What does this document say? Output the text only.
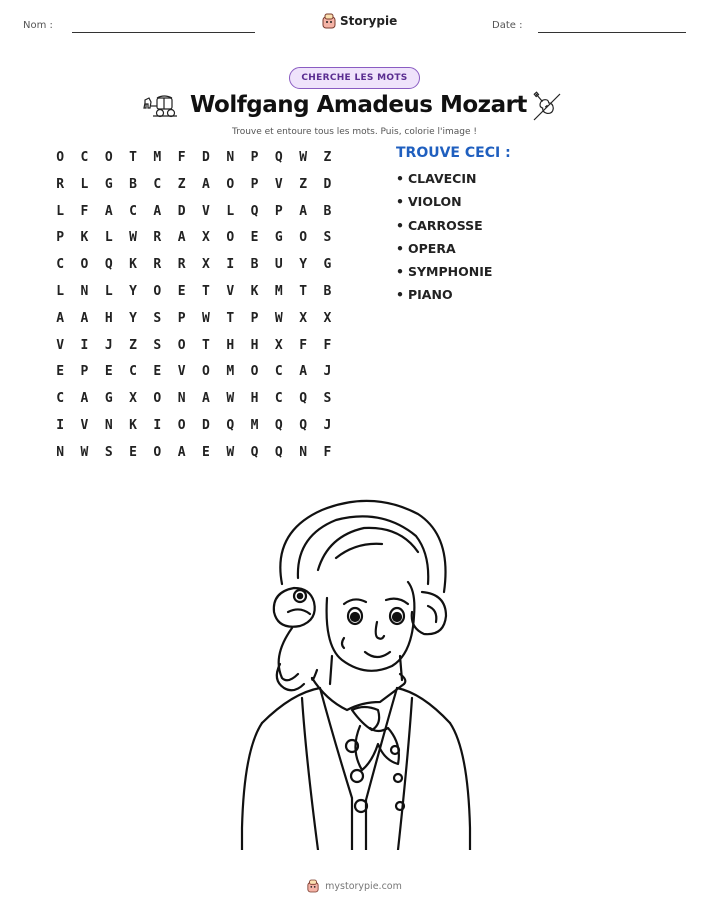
Nom :	Storypie	Date :
CHERCHE LES MOTS
Wolfgang Amadeus Mozart
Trouve et entoure tous les mots. Puis, colorie l'image !
O	C	O	T	M	F	D	N	P	Q	W	Z
R	L	G	B	C	Z	A	O	P	V	Z	D
L	F	A	C	A	D	V	L	Q	P	A	B
P	K	L	W	R	A	X	O	E	G	O	S
C	O	Q	K	R	R	X	I	B	U	Y	G
L	N	L	Y	O	E	T	V	K	M	T	B
A	A	H	Y	S	P	W	T	P	W	X	X
V	I	J	Z	S	O	T	H	H	X	F	F
E	P	E	C	E	V	O	M	O	C	A	J
C	A	G	X	O	N	A	W	H	C	Q	S
I	V	N	K	I	O	D	Q	M	Q	Q	J
N	W	S	E	O	A	E	W	Q	Q	N	F
TROUVE CECI :
• CLAVECIN
• VIOLON
• CARROSSE
• OPERA
• SYMPHONIE
• PIANO
mystorypie.com
